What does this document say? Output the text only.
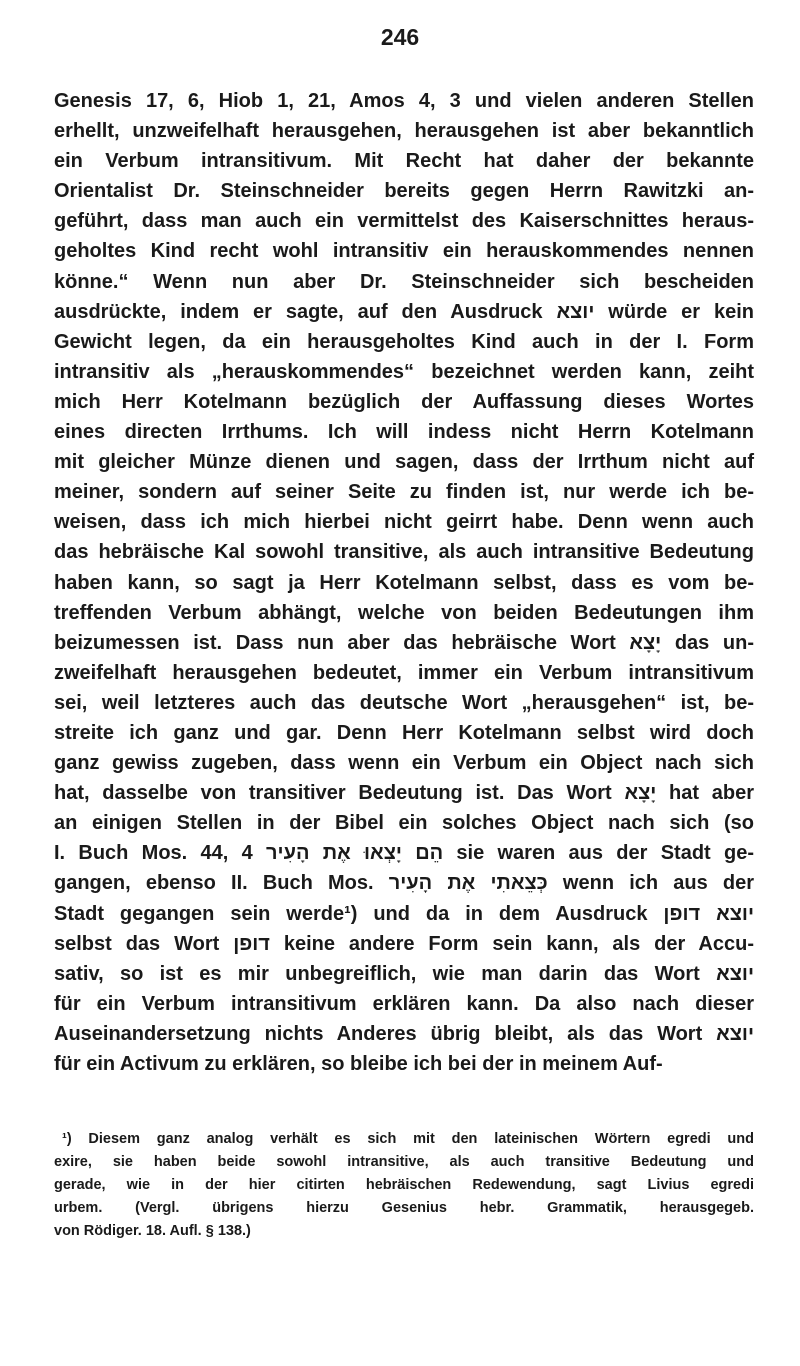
246
Genesis 17, 6, Hiob 1, 21, Amos 4, 3 und vielen anderen Stellen
erhellt, unzweifelhaft herausgehen, herausgehen ist aber bekanntlich
ein Verbum intransitivum. Mit Recht hat daher der bekannte
Orientalist Dr. Steinschneider bereits gegen Herrn Rawitzki an-
geführt, dass man auch ein vermittelst des Kaiserschnittes heraus-
geholtes Kind recht wohl intransitiv ein herauskommendes nennen
könne.“ Wenn nun aber Dr. Steinschneider sich bescheiden
ausdrückte, indem er sagte, auf den Ausdruck יוצא würde er kein
Gewicht legen, da ein herausgeholtes Kind auch in der I. Form
intransitiv als „herauskommendes“ bezeichnet werden kann, zeiht
mich Herr Kotelmann bezüglich der Auffassung dieses Wortes
eines directen Irrthums. Ich will indess nicht Herrn Kotelmann
mit gleicher Münze dienen und sagen, dass der Irrthum nicht auf
meiner, sondern auf seiner Seite zu finden ist, nur werde ich be-
weisen, dass ich mich hierbei nicht geirrt habe. Denn wenn auch
das hebräische Kal sowohl transitive, als auch intransitive Bedeutung
haben kann, so sagt ja Herr Kotelmann selbst, dass es vom be-
treffenden Verbum abhängt, welche von beiden Bedeutungen ihm
beizumessen ist. Dass nun aber das hebräische Wort יָצָא das un-
zweifelhaft herausgehen bedeutet, immer ein Verbum intransitivum
sei, weil letzteres auch das deutsche Wort „herausgehen“ ist, be-
streite ich ganz und gar. Denn Herr Kotelmann selbst wird doch
ganz gewiss zugeben, dass wenn ein Verbum ein Object nach sich
hat, dasselbe von transitiver Bedeutung ist. Das Wort יָצָא hat aber
an einigen Stellen in der Bibel ein solches Object nach sich (so
I. Buch Mos. 44, 4 הֵם יָצְאוּ אֶת הָעִיר sie waren aus der Stadt ge-
gangen, ebenso II. Buch Mos. כְּצֵאתִי אֶת הָעִיר wenn ich aus der
Stadt gegangen sein werde¹) und da in dem Ausdruck יוצא דופן
selbst das Wort דופן keine andere Form sein kann, als der Accu-
sativ, so ist es mir unbegreiflich, wie man darin das Wort יוצא
für ein Verbum intransitivum erklären kann. Da also nach dieser
Auseinandersetzung nichts Anderes übrig bleibt, als das Wort יוצא
für ein Activum zu erklären, so bleibe ich bei der in meinem Auf-
¹) Diesem ganz analog verhält es sich mit den lateinischen Wörtern egredi und
exire, sie haben beide sowohl intransitive, als auch transitive Bedeutung und
gerade, wie in der hier citirten hebräischen Redewendung, sagt Livius egredi
urbem. (Vergl. übrigens hierzu Gesenius hebr. Grammatik, herausgegeb.
von Rödiger. 18. Aufl. § 138.)
